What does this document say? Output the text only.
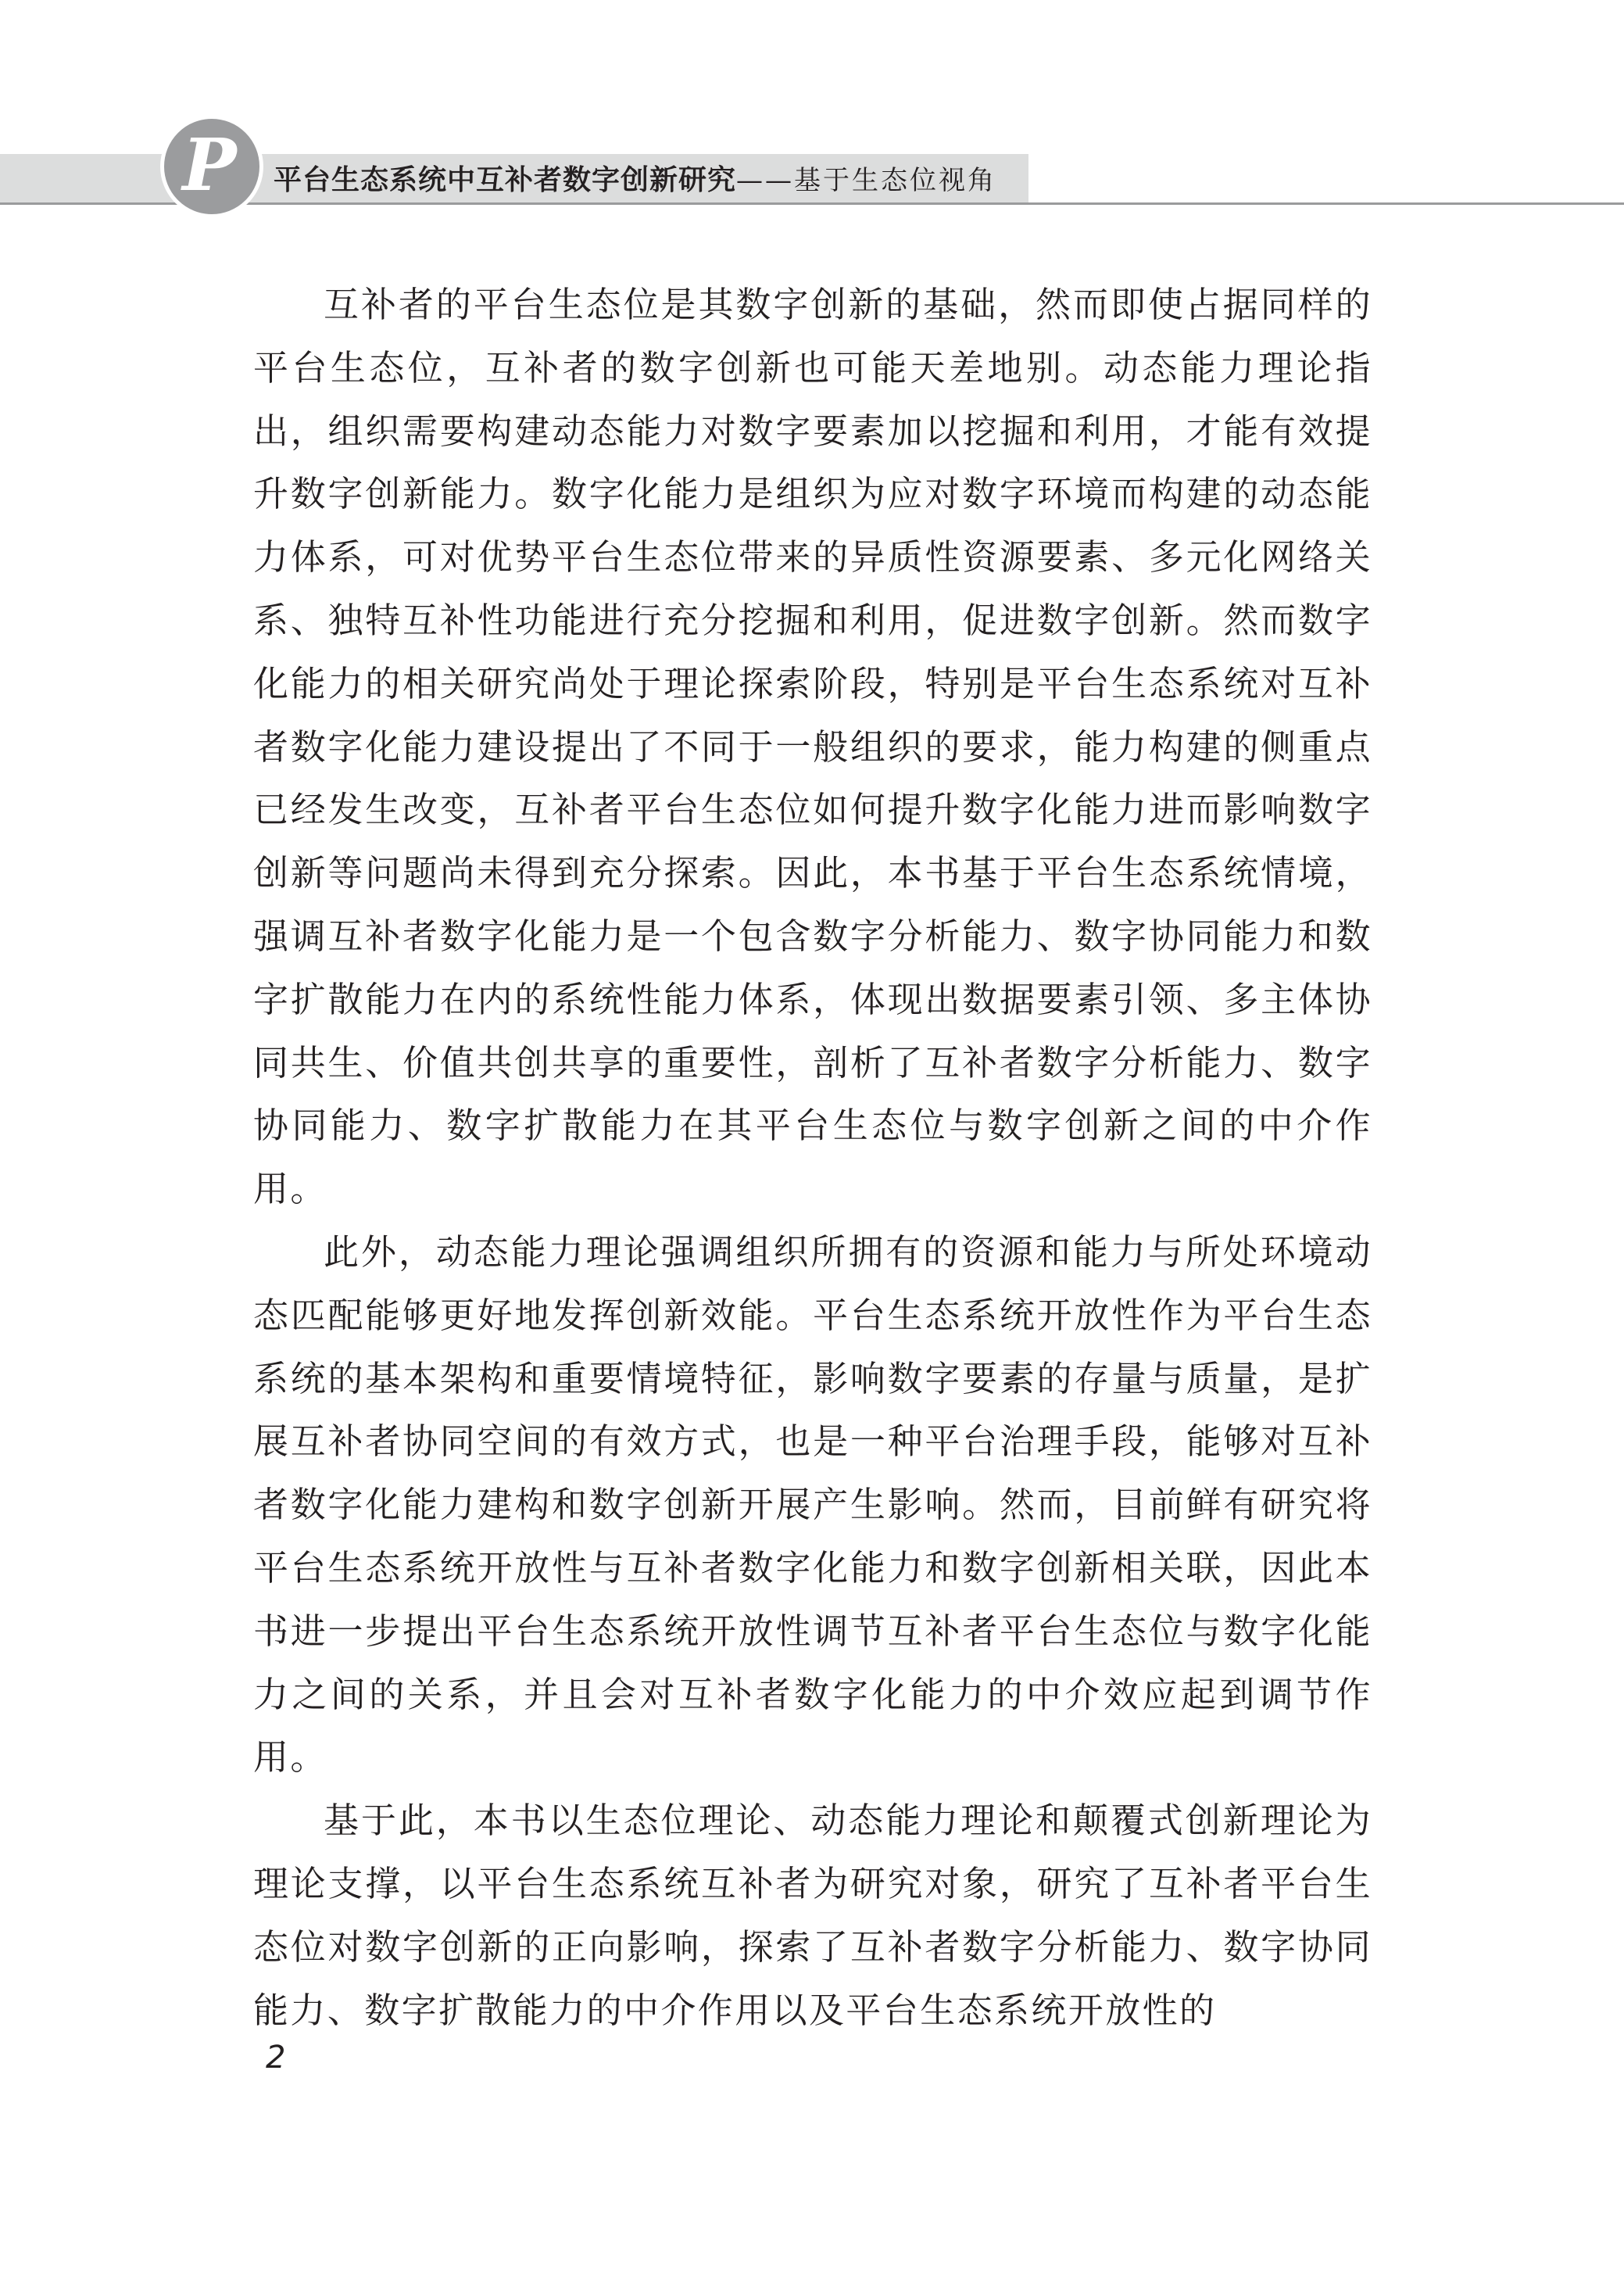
P 平台生态系统中互补者数字创新研究——基于生态位视角

互补者的平台生态位是其数字创新的基础，然而即使占据同样的平台生态位，互补者的数字创新也可能天差地别。动态能力理论指出，组织需要构建动态能力对数字要素加以挖掘和利用，才能有效提升数字创新能力。数字化能力是组织为应对数字环境而构建的动态能力体系，可对优势平台生态位带来的异质性资源要素、多元化网络关系、独特互补性功能进行充分挖掘和利用，促进数字创新。然而数字化能力的相关研究尚处于理论探索阶段，特别是平台生态系统对互补者数字化能力建设提出了不同于一般组织的要求，能力构建的侧重点已经发生改变，互补者平台生态位如何提升数字化能力进而影响数字创新等问题尚未得到充分探索。因此，本书基于平台生态系统情境，强调互补者数字化能力是一个包含数字分析能力、数字协同能力和数字扩散能力在内的系统性能力体系，体现出数据要素引领、多主体协同共生、价值共创共享的重要性，剖析了互补者数字分析能力、数字协同能力、数字扩散能力在其平台生态位与数字创新之间的中介作用。

此外，动态能力理论强调组织所拥有的资源和能力与所处环境动态匹配能够更好地发挥创新效能。平台生态系统开放性作为平台生态系统的基本架构和重要情境特征，影响数字要素的存量与质量，是扩展互补者协同空间的有效方式，也是一种平台治理手段，能够对互补者数字化能力建构和数字创新开展产生影响。然而，目前鲜有研究将平台生态系统开放性与互补者数字化能力和数字创新相关联，因此本书进一步提出平台生态系统开放性调节互补者平台生态位与数字化能力之间的关系，并且会对互补者数字化能力的中介效应起到调节作用。

基于此，本书以生态位理论、动态能力理论和颠覆式创新理论为理论支撑，以平台生态系统互补者为研究对象，研究了互补者平台生态位对数字创新的正向影响，探索了互补者数字分析能力、数字协同能力、数字扩散能力的中介作用以及平台生态系统开放性的

2
